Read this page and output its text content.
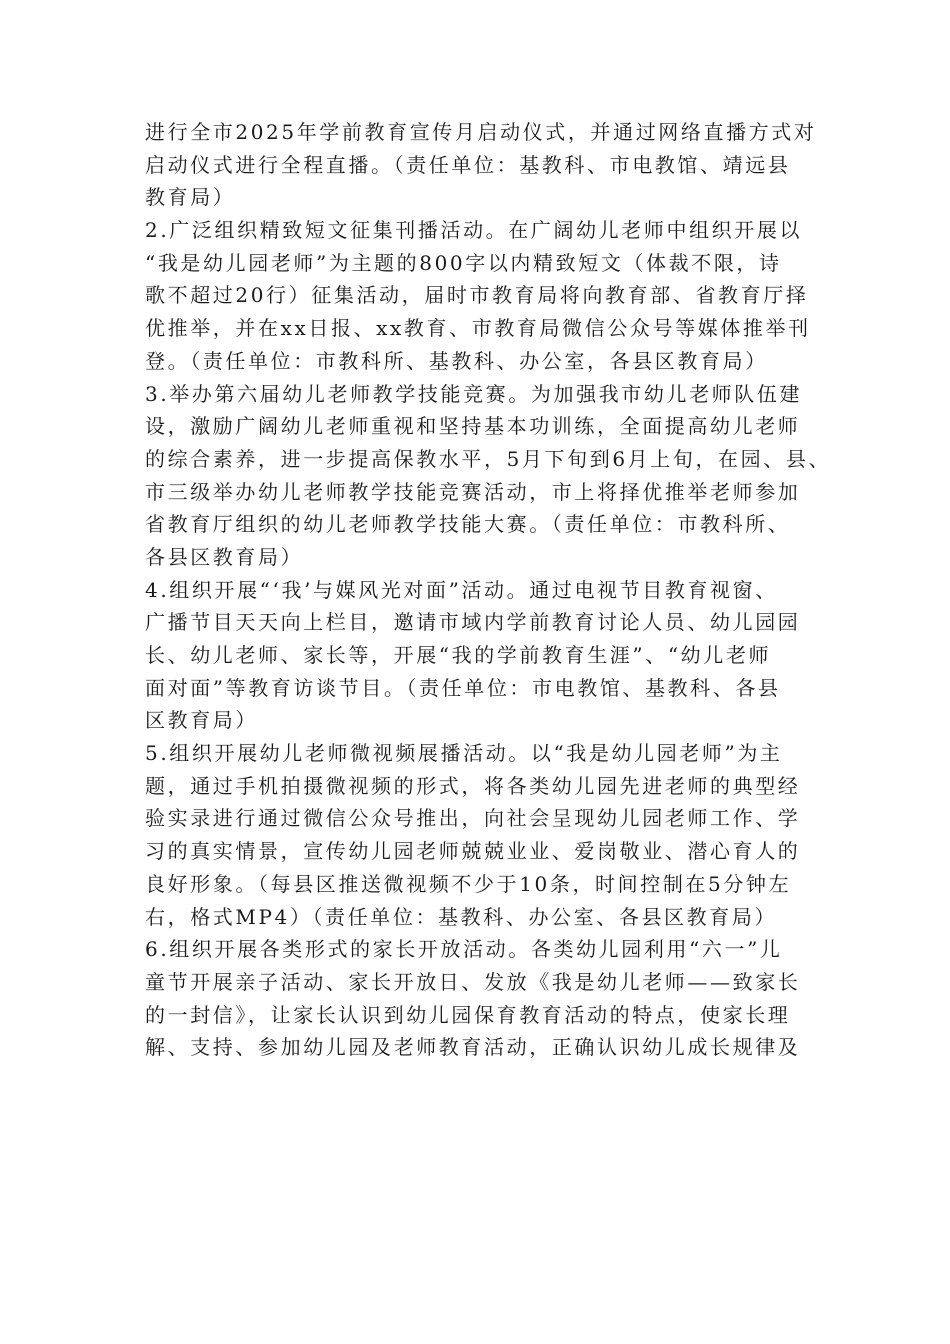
进行全市2025年学前教育宣传月启动仪式，并通过网络直播方式对
启动仪式进行全程直播。（责任单位：基教科、市电教馆、靖远县
教育局）
2.广泛组织精致短文征集刊播活动。在广阔幼儿老师中组织开展以
“我是幼儿园老师”为主题的800字以内精致短文（体裁不限，诗
歌不超过20行）征集活动，届时市教育局将向教育部、省教育厅择
优推举，并在xx日报、xx教育、市教育局微信公众号等媒体推举刊
登。（责任单位：市教科所、基教科、办公室，各县区教育局）
3.举办第六届幼儿老师教学技能竞赛。为加强我市幼儿老师队伍建
设，激励广阔幼儿老师重视和坚持基本功训练，全面提高幼儿老师
的综合素养，进一步提高保教水平，5月下旬到6月上旬，在园、县、
市三级举办幼儿老师教学技能竞赛活动，市上将择优推举老师参加
省教育厅组织的幼儿老师教学技能大赛。（责任单位：市教科所、
各县区教育局）
4.组织开展“‘我’与媒风光对面”活动。通过电视节目教育视窗、
广播节目天天向上栏目，邀请市域内学前教育讨论人员、幼儿园园
长、幼儿老师、家长等，开展“我的学前教育生涯”、“幼儿老师
面对面”等教育访谈节目。（责任单位：市电教馆、基教科、各县
区教育局）
5.组织开展幼儿老师微视频展播活动。以“我是幼儿园老师”为主
题，通过手机拍摄微视频的形式，将各类幼儿园先进老师的典型经
验实录进行通过微信公众号推出，向社会呈现幼儿园老师工作、学
习的真实情景，宣传幼儿园老师兢兢业业、爱岗敬业、潜心育人的
良好形象。（每县区推送微视频不少于10条，时间控制在5分钟左
右，格式MP4）（责任单位：基教科、办公室、各县区教育局）
6.组织开展各类形式的家长开放活动。各类幼儿园利用“六一”儿
童节开展亲子活动、家长开放日、发放《我是幼儿老师——致家长
的一封信》，让家长认识到幼儿园保育教育活动的特点，使家长理
解、支持、参加幼儿园及老师教育活动，正确认识幼儿成长规律及
